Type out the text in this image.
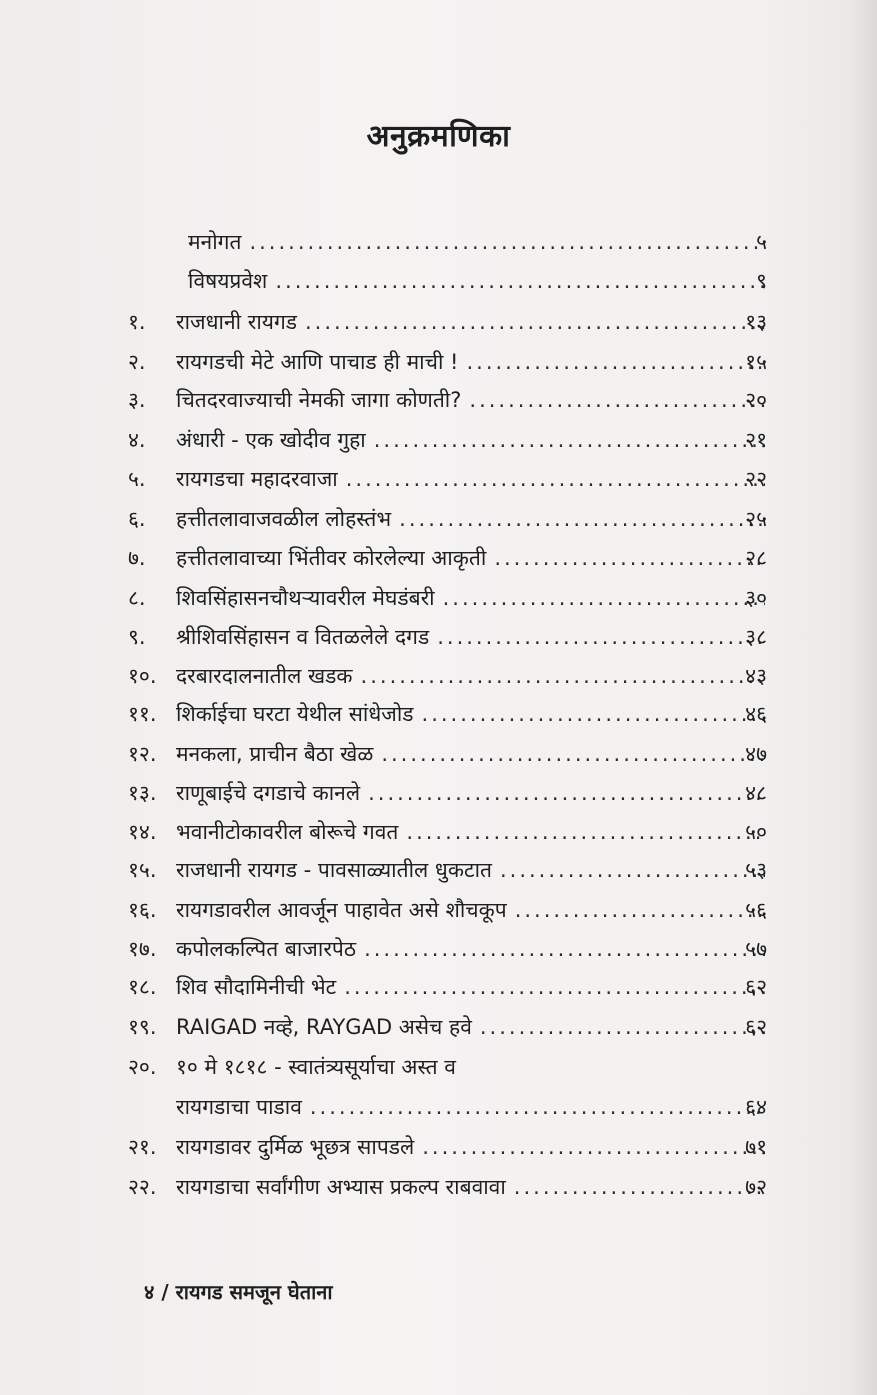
अनुक्रमणिका
मनोगत .....	५
विषयप्रवेश .....	९
१.	राजधानी रायगड .....	१३
२.	रायगडची मेटे आणि पाचाड ही माची ! .....	१५
३.	चितदरवाज्याची नेमकी जागा कोणती? .....	२०
४.	अंधारी - एक खोदीव गुहा .....	२१
५.	रायगडचा महादरवाजा .....	२२
६.	हत्तीतलावाजवळील लोहस्तंभ .....	२५
७.	हत्तीतलावाच्या भिंतीवर कोरलेल्या आकृती .....	२८
८.	शिवसिंहासनचौथऱ्यावरील मेघडंबरी .....	३०
९.	श्रीशिवसिंहासन व वितळलेले दगड .....	३८
१०. दरबारदालनातील खडक .....	४३
११. शिर्काईचा घरटा येथील सांधेजोड .....	४६
१२. मनकला, प्राचीन बैठा खेळ .....	४७
१३. राणूबाईचे दगडाचे कानले .....	४८
१४. भवानीटोकावरील बोरूचे गवत .....	५०
१५. राजधानी रायगड - पावसाळ्यातील धुकटात .....	५३
१६. रायगडावरील आवर्जून पाहावेत असे शौचकूप .....	५६
१७. कपोलकल्पित बाजारपेठ .....	५७
१८. शिव सौदामिनीची भेट .....	६२
१९. RAIGAD नव्हे, RAYGAD असेच हवे .....	६२
२०. १० मे १८१८ - स्वातंत्र्यसूर्याचा अस्त व
रायगडाचा पाडाव .....	६४
२१. रायगडावर दुर्मिळ भूछत्र सापडले .....	७१
२२. रायगडाचा सर्वांगीण अभ्यास प्रकल्प राबवावा .....	७२
४ / रायगड समजून घेताना
